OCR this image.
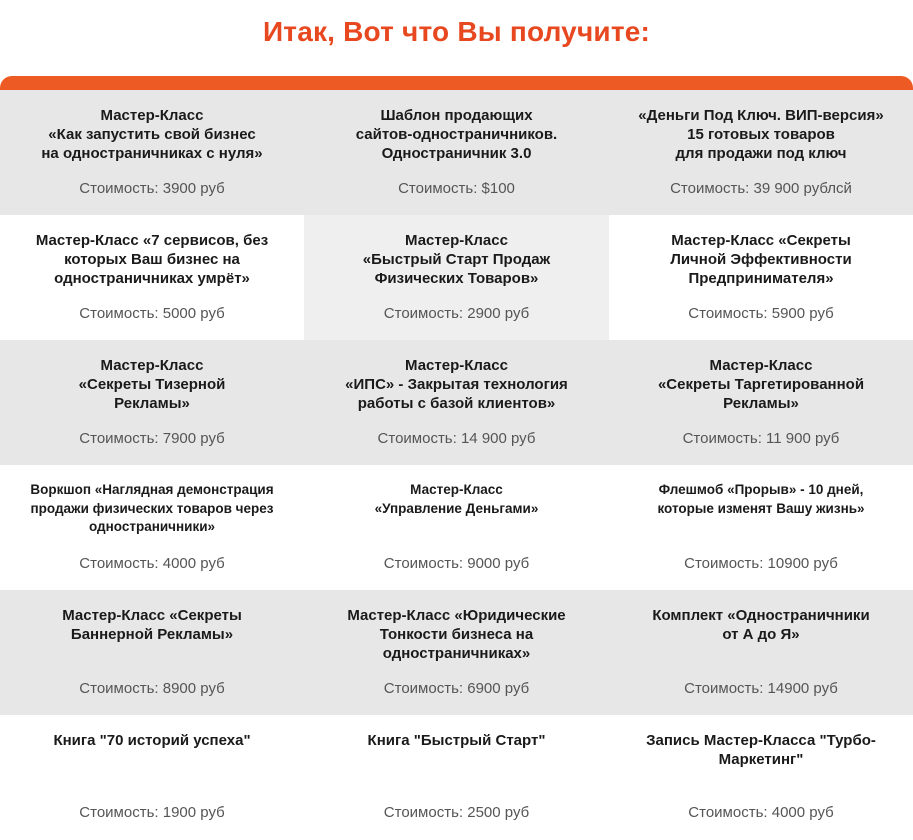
Итак, Вот что Вы получите:
Мастер-Класс
«Как запустить свой бизнес
на одностраничниках с нуля»
Стоимость: 3900 руб
Шаблон продающих
сайтов-одностраничников.
Одностраничник 3.0
Стоимость: $100
«Деньги Под Ключ. ВИП-версия»
15 готовых товаров
для продажи под ключ
Стоимость: 39 900 рублсй
Мастер-Класс «7 сервисов, без
которых Ваш бизнес на
одностраничниках умрёт»
Стоимость: 5000 руб
Мастер-Класс
«Быстрый Старт Продаж
Физических Товаров»
Стоимость: 2900 руб
Мастер-Класс «Секреты
Личной Эффективности
Предпринимателя»
Стоимость: 5900 руб
Мастер-Класс
«Секреты Тизерной
Рекламы»
Стоимость: 7900 руб
Мастер-Класс
«ИПС» - Закрытая технология
работы с базой клиентов»
Стоимость: 14 900 руб
Мастер-Класс
«Секреты Таргетированной
Рекламы»
Стоимость: 11 900 руб
Воркшоп «Наглядная демонстрация
продажи физических товаров через
одностраничники»
Стоимость: 4000 руб
Мастер-Класс
«Управление Деньгами»
Стоимость: 9000 руб
Флешмоб «Прорыв» - 10 дней,
которые изменят Вашу жизнь»
Стоимость: 10900 руб
Мастер-Класс «Секреты
Баннерной Рекламы»
Стоимость: 8900 руб
Мастер-Класс «Юридические
Тонкости бизнеса на
одностраничниках»
Стоимость: 6900 руб
Комплект «Одностраничники
от А до Я»
Стоимость: 14900 руб
Книга "70 историй успеха"
Стоимость: 1900 руб
Книга "Быстрый Старт"
Стоимость: 2500 руб
Запись Мастер-Класса "Турбо-
Маркетинг"
Стоимость: 4000 руб
